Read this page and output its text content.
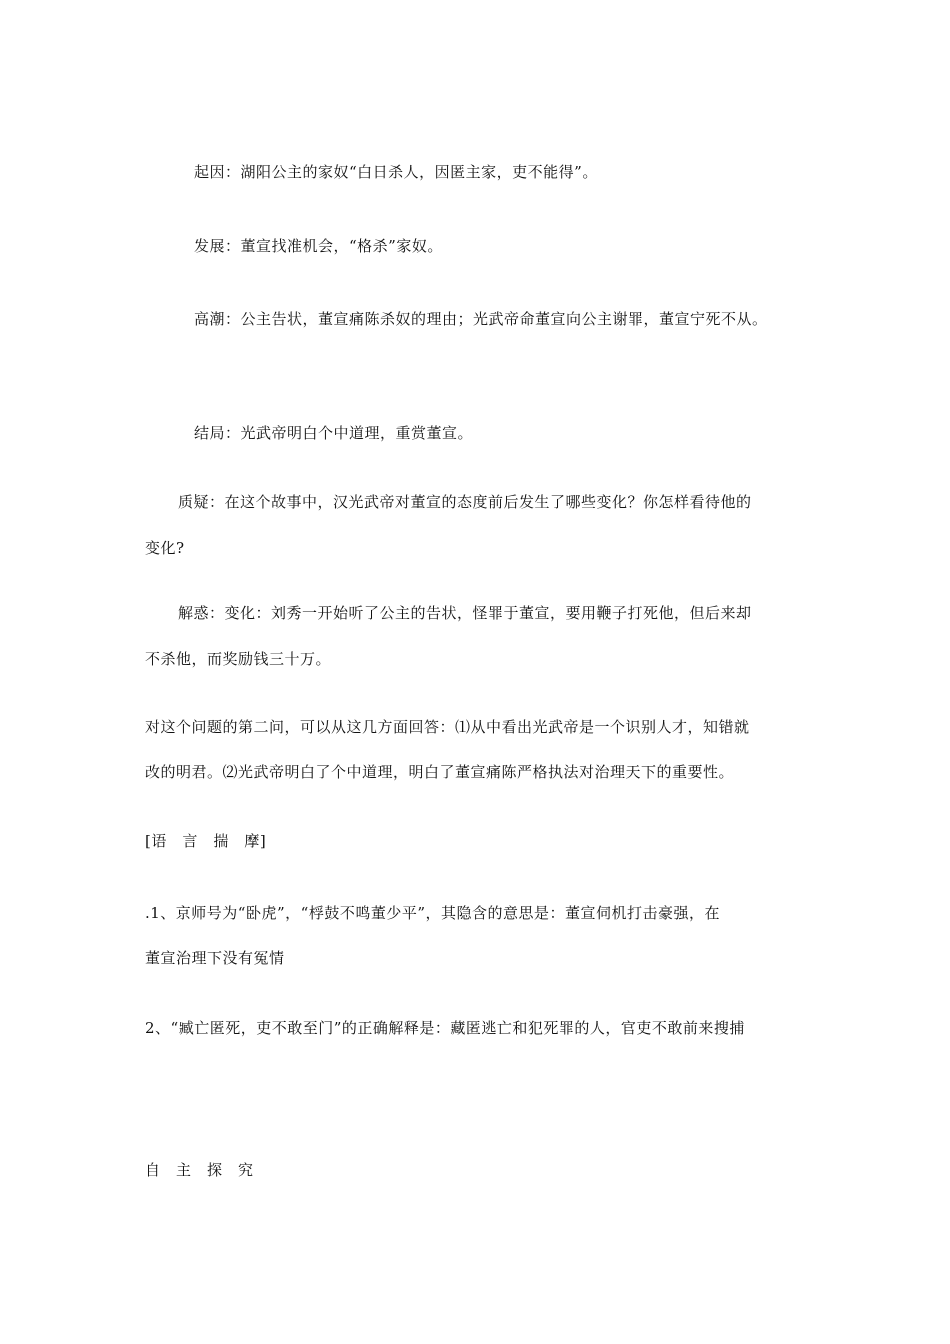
起因：湖阳公主的家奴“白日杀人，因匿主家，吏不能得”。
发展：董宣找准机会，“格杀”家奴。
高潮：公主告状，董宣痛陈杀奴的理由；光武帝命董宣向公主谢罪，董宣宁死不从。
结局：光武帝明白个中道理，重赏董宣。
质疑：在这个故事中，汉光武帝对董宣的态度前后发生了哪些变化？你怎样看待他的
变化?
解惑：变化：刘秀一开始听了公主的告状，怪罪于董宣，要用鞭子打死他，但后来却
不杀他，而奖励钱三十万。
对这个问题的第二问，可以从这几方面回答：⑴从中看出光武帝是一个识别人才，知错就
改的明君。⑵光武帝明白了个中道理，明白了董宣痛陈严格执法对治理天下的重要性。
[语　言　揣　摩]
.1、京师号为“卧虎”，“桴鼓不鸣董少平”，其隐含的意思是：董宣伺机打击豪强，在
董宣治理下没有冤情
2、“臧亡匿死，吏不敢至门”的正确解释是：藏匿逃亡和犯死罪的人，官吏不敢前来搜捕
自　主　探　究
